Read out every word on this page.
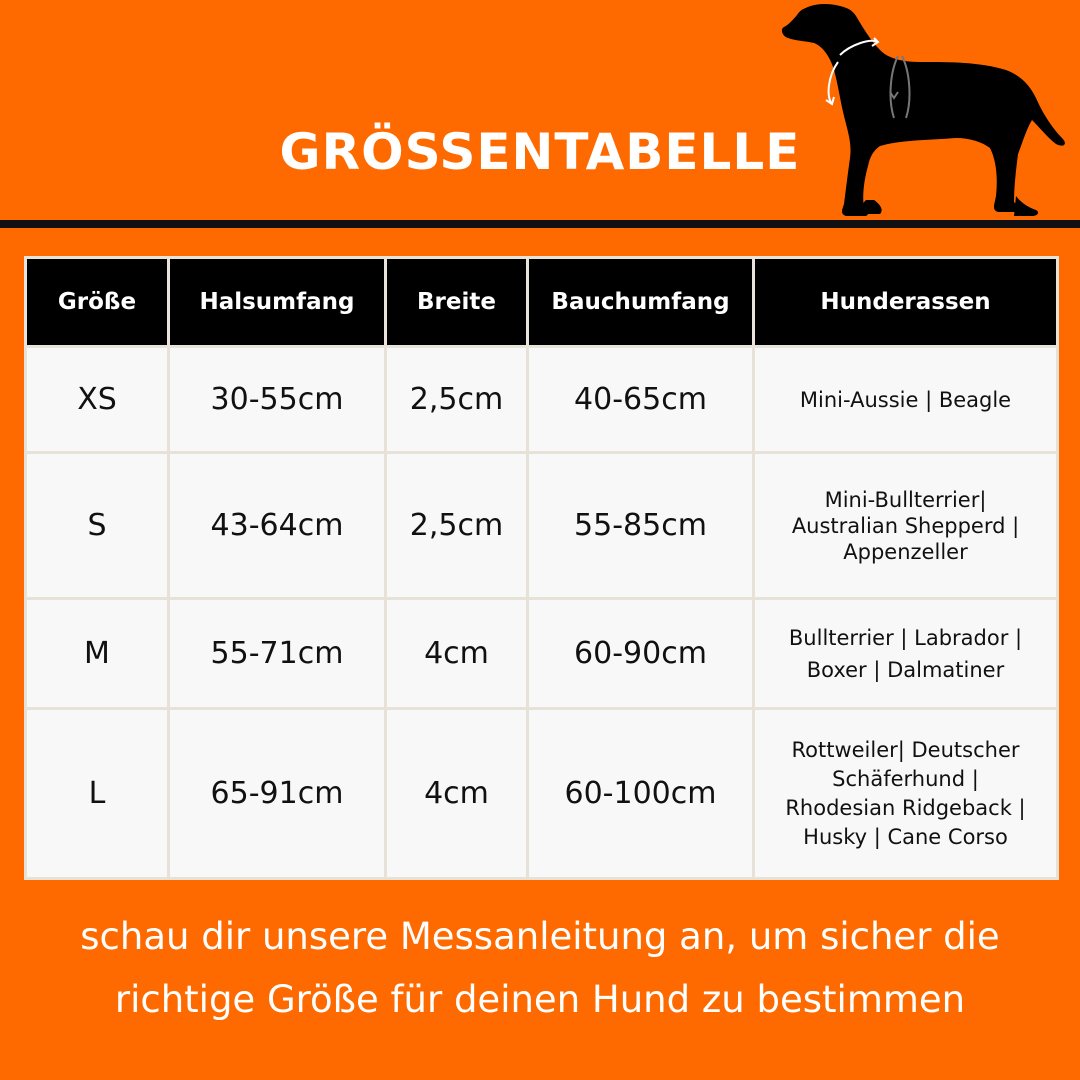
GRÖSSENTABELLE
Größe	Halsumfang	Breite	Bauchumfang	Hunderassen
XS	30-55cm	2,5cm	40-65cm	Mini-Aussie | Beagle

S	43-64cm	2,5cm	55-85cm	Mini-Bullterrier|
Australian Shepperd |
Appenzeller

M	55-71cm	4cm	60-90cm	Bullterrier | Labrador |
Boxer | Dalmatiner

L	65-91cm	4cm	60-100cm	Rottweiler| Deutscher
Schäferhund |
Rhodesian Ridgeback |
Husky | Cane Corso
schau dir unsere Messanleitung an, um sicher die
richtige Größe für deinen Hund zu bestimmen
